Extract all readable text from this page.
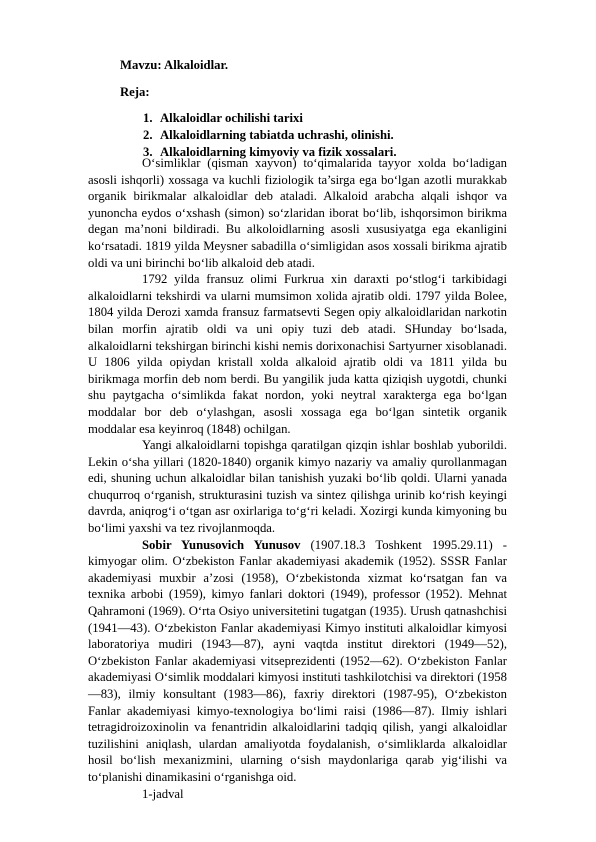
Mavzu: Alkaloidlar.
Reja:
1. Alkaloidlar ochilishi tarixi
2. Alkaloidlarning tabiatda uchrashi, olinishi.
3. Alkaloidlarning kimyoviy va fizik xossalari.

O‘simliklar (qisman xayvon) to‘qimalarida tayyor xolda bo‘ladigan asosli ishqorli) xossaga va kuchli fiziologik ta’sirga ega bo‘lgan azotli murakkab organik birikmalar alkaloidlar deb ataladi. Alkaloid arabcha alqali ishqor va yunoncha eydos o‘xshash (simon) so‘zlaridan iborat bo‘lib, ishqorsimon birikma degan ma’noni bildiradi. Bu alkoloidlarning asosli xususiyatga ega ekanligini ko‘rsatadi. 1819 yilda Meysner sabadilla o‘simligidan asos xossali birikma ajratib oldi va uni birinchi bo‘lib alkaloid deb atadi.

1792 yilda fransuz olimi Furkrua xin daraxti po‘stlog‘i tarkibidagi alkaloidlarni tekshirdi va ularni mumsimon xolida ajratib oldi. 1797 yilda Bolee, 1804 yilda Derozi xamda fransuz farmatsevti Segen opiy alkaloidlaridan narkotin bilan morfin ajratib oldi va uni opiy tuzi deb atadi. SHunday bo‘lsada, alkaloidlarni tekshirgan birinchi kishi nemis dorixonachisi Sartyurner xisoblanadi. U 1806 yilda opiydan kristall xolda alkaloid ajratib oldi va 1811 yilda bu birikmaga morfin deb nom berdi. Bu yangilik juda katta qiziqish uygotdi, chunki shu paytgacha o‘simlikda fakat nordon, yoki neytral xarakterga ega bo‘lgan moddalar bor deb o‘ylashgan, asosli xossaga ega bo‘lgan sintetik organik moddalar esa keyinroq (1848) ochilgan.

Yangi alkaloidlarni topishga qaratilgan qizqin ishlar boshlab yuborildi. Lekin o‘sha yillari (1820-1840) organik kimyo nazariy va amaliy qurollanmagan edi, shuning uchun alkaloidlar bilan tanishish yuzaki bo‘lib qoldi. Ularni yanada chuqurroq o‘rganish, strukturasini tuzish va sintez qilishga urinib ko‘rish keyingi davrda, aniqrog‘i o‘tgan asr oxirlariga to‘g‘ri keladi. Xozirgi kunda kimyoning bu bo‘limi yaxshi va tez rivojlanmoqda.

Sobir Yunusovich Yunusov (1907.18.3 Toshkent 1995.29.11) - kimyogar olim. O‘zbekiston Fanlar akademiyasi akademik (1952). SSSR Fanlar akademiyasi muxbir a’zosi (1958), O‘zbekistonda xizmat ko‘rsatgan fan va texnika arbobi (1959), kimyo fanlari doktori (1949), professor (1952). Mehnat Qahramoni (1969). O‘rta Osiyo universitetini tugatgan (1935). Urush qatnashchisi (1941—43). O‘zbekiston Fanlar akademiyasi Kimyo instituti alkaloidlar kimyosi laboratoriya mudiri (1943—87), ayni vaqtda institut direktori (1949—52), O‘zbekiston Fanlar akademiyasi vitseprezidenti (1952—62). O‘zbekiston Fanlar akademiyasi O‘simlik moddalari kimyosi instituti tashkilotchisi va direktori (1958—83), ilmiy konsultant (1983—86), faxriy direktori (1987-95), O‘zbekiston Fanlar akademiyasi kimyo-texnologiya bo‘limi raisi (1986—87). Ilmiy ishlari tetragidroizoxinolin va fenantridin alkaloidlarini tadqiq qilish, yangi alkaloidlar tuzilishini aniqlash, ulardan amaliyotda foydalanish, o‘simliklarda alkaloidlar hosil bo‘lish mexanizmini, ularning o‘sish maydonlariga qarab yig‘ilishi va to‘planishi dinamikasini o‘rganishga oid.

1-jadval
